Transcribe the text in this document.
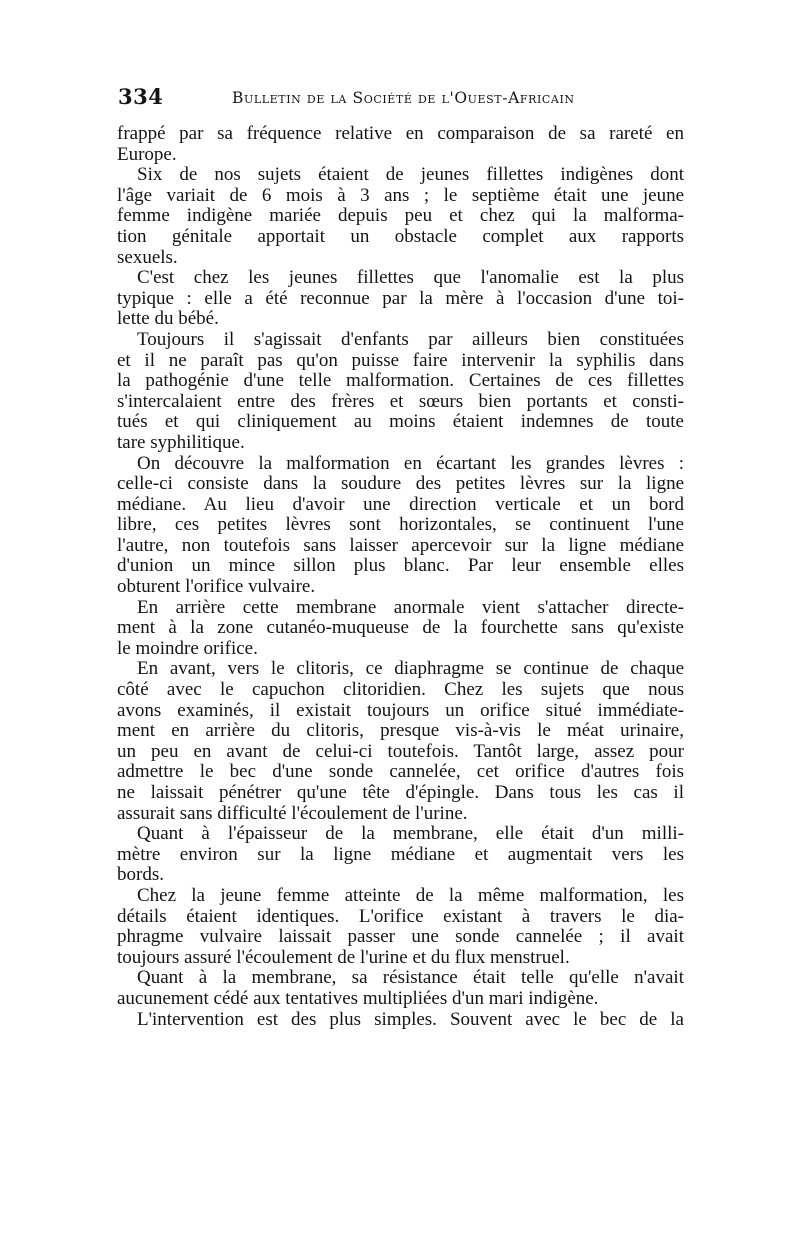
334	Bulletin de la Société de l'Ouest-Africain
frappé par sa fréquence relative en comparaison de sa rareté en
Europe.
Six de nos sujets étaient de jeunes fillettes indigènes dont
l'âge variait de 6 mois à 3 ans ; le septième était une jeune
femme indigène mariée depuis peu et chez qui la malforma-
tion génitale apportait un obstacle complet aux rapports
sexuels.
C'est chez les jeunes fillettes que l'anomalie est la plus
typique : elle a été reconnue par la mère à l'occasion d'une toi-
lette du bébé.
Toujours il s'agissait d'enfants par ailleurs bien constituées
et il ne paraît pas qu'on puisse faire intervenir la syphilis dans
la pathogénie d'une telle malformation. Certaines de ces fillettes
s'intercalaient entre des frères et sœurs bien portants et consti-
tués et qui cliniquement au moins étaient indemnes de toute
tare syphilitique.
On découvre la malformation en écartant les grandes lèvres :
celle-ci consiste dans la soudure des petites lèvres sur la ligne
médiane. Au lieu d'avoir une direction verticale et un bord
libre, ces petites lèvres sont horizontales, se continuent l'une
l'autre, non toutefois sans laisser apercevoir sur la ligne médiane
d'union un mince sillon plus blanc. Par leur ensemble elles
obturent l'orifice vulvaire.
En arrière cette membrane anormale vient s'attacher directe-
ment à la zone cutanéo-muqueuse de la fourchette sans qu'existe
le moindre orifice.
En avant, vers le clitoris, ce diaphragme se continue de chaque
côté avec le capuchon clitoridien. Chez les sujets que nous
avons examinés, il existait toujours un orifice situé immédiate-
ment en arrière du clitoris, presque vis-à-vis le méat urinaire,
un peu en avant de celui-ci toutefois. Tantôt large, assez pour
admettre le bec d'une sonde cannelée, cet orifice d'autres fois
ne laissait pénétrer qu'une tête d'épingle. Dans tous les cas il
assurait sans difficulté l'écoulement de l'urine.
Quant à l'épaisseur de la membrane, elle était d'un milli-
mètre environ sur la ligne médiane et augmentait vers les
bords.
Chez la jeune femme atteinte de la même malformation, les
détails étaient identiques. L'orifice existant à travers le dia-
phragme vulvaire laissait passer une sonde cannelée ; il avait
toujours assuré l'écoulement de l'urine et du flux menstruel.
Quant à la membrane, sa résistance était telle qu'elle n'avait
aucunement cédé aux tentatives multipliées d'un mari indigène.
L'intervention est des plus simples. Souvent avec le bec de la
